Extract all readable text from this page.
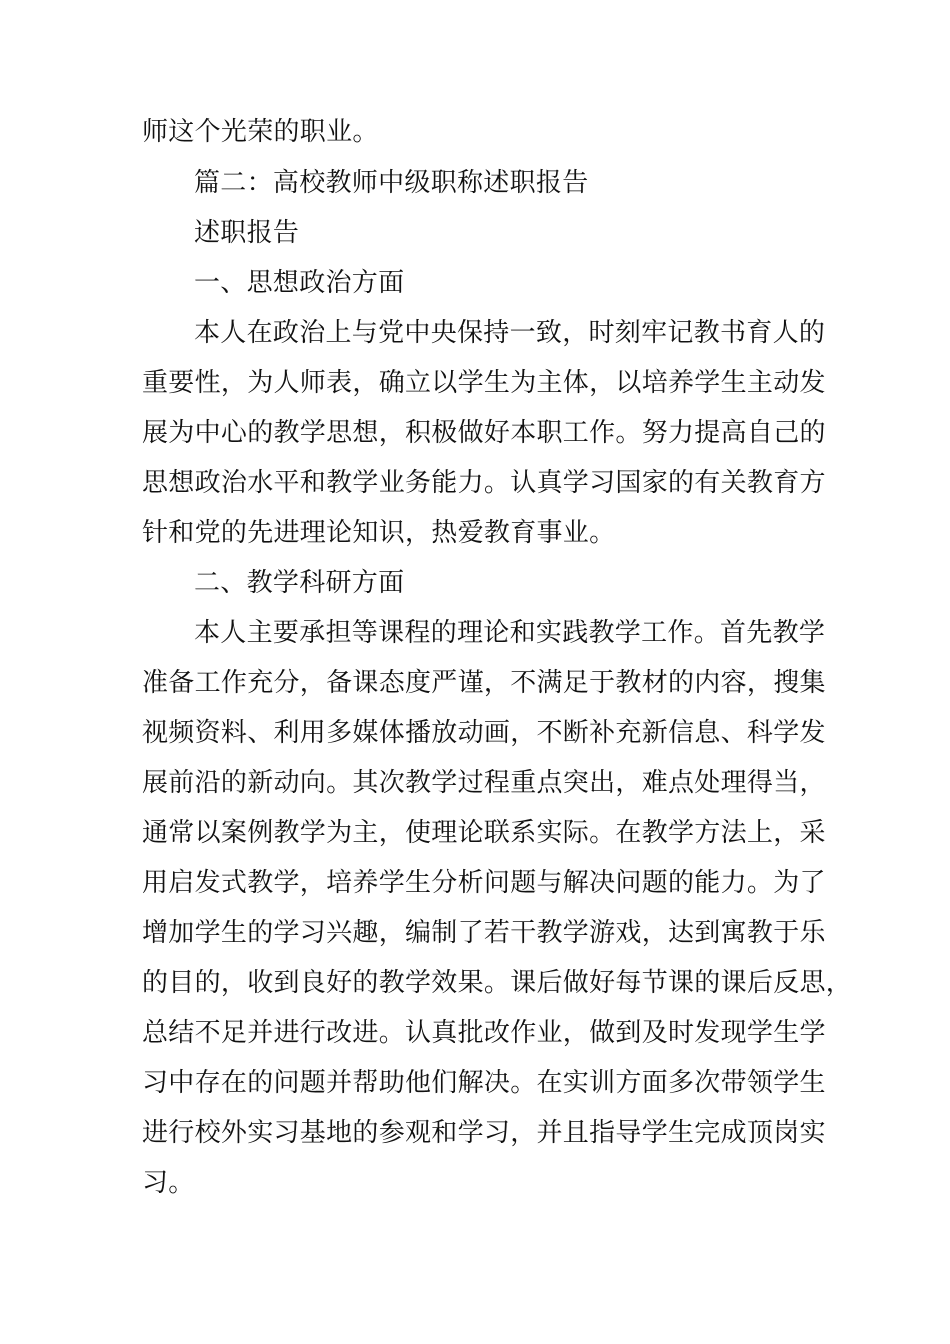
师这个光荣的职业。
篇二：高校教师中级职称述职报告
述职报告
一、思想政治方面
本人在政治上与党中央保持一致，时刻牢记教书育人的
重要性，为人师表，确立以学生为主体，以培养学生主动发
展为中心的教学思想，积极做好本职工作。努力提高自己的
思想政治水平和教学业务能力。认真学习国家的有关教育方
针和党的先进理论知识，热爱教育事业。
二、教学科研方面
本人主要承担等课程的理论和实践教学工作。首先教学
准备工作充分，备课态度严谨，不满足于教材的内容，搜集
视频资料、利用多媒体播放动画，不断补充新信息、科学发
展前沿的新动向。其次教学过程重点突出，难点处理得当，
通常以案例教学为主，使理论联系实际。在教学方法上，采
用启发式教学，培养学生分析问题与解决问题的能力。为了
增加学生的学习兴趣，编制了若干教学游戏，达到寓教于乐
的目的，收到良好的教学效果。课后做好每节课的课后反思，
总结不足并进行改进。认真批改作业，做到及时发现学生学
习中存在的问题并帮助他们解决。在实训方面多次带领学生
进行校外实习基地的参观和学习，并且指导学生完成顶岗实
习。
